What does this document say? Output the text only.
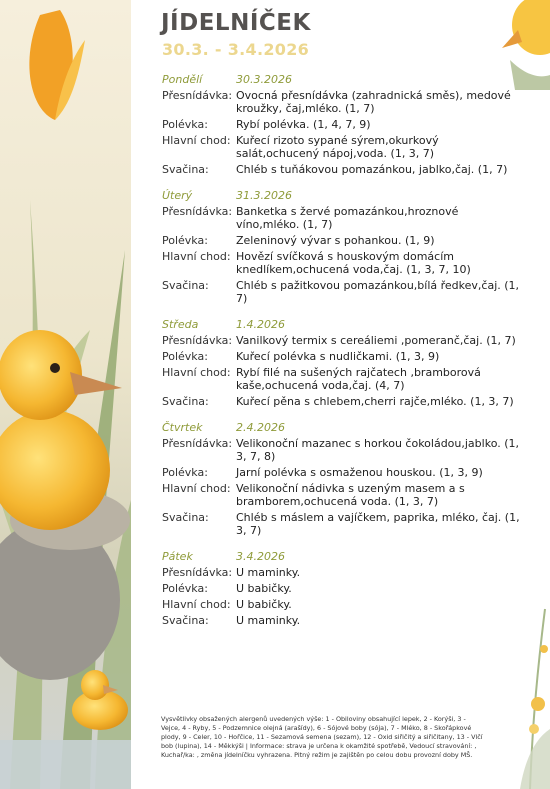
JÍDELNÍČEK
30.3. - 3.4.2026
Pondělí	30.3.2026
Přesnídávka: Ovocná přesnídávka (zahradnická směs), medové kroužky, čaj,mléko. (1, 7)
Polévka:	Rybí polévka. (1, 4, 7, 9)
Hlavní chod: Kuřecí rizoto sypané sýrem,okurkový salát,ochucený nápoj,voda. (1, 3, 7)
Svačina:	Chléb s tuňákovou pomazánkou, jablko,čaj. (1, 7)
Úterý	31.3.2026
Přesnídávka: Banketka s žervé pomazánkou,hroznové víno,mléko. (1, 7)
Polévka:	Zeleninový vývar s pohankou. (1, 9)
Hlavní chod: Hovězí svíčková s houskovým domácím knedlíkem,ochucená voda,čaj. (1, 3, 7, 10)
Svačina:	Chléb s pažitkovou pomazánkou,bílá ředkev,čaj. (1, 7)
Středa	1.4.2026
Přesnídávka: Vanilkový termix s cereáliemi ,pomeranč,čaj. (1, 7)
Polévka:	Kuřecí polévka s nudličkami. (1, 3, 9)
Hlavní chod: Rybí filé na sušených rajčatech ,bramborová kaše,ochucená voda,čaj. (4, 7)
Svačina:	Kuřecí pěna s chlebem,cherri rajče,mléko. (1, 3, 7)
Čtvrtek	2.4.2026
Přesnídávka: Velikonoční mazanec s horkou čokoládou,jablko. (1, 3, 7, 8)
Polévka:	Jarní polévka s osmaženou houskou. (1, 3, 9)
Hlavní chod: Velikonoční nádivka s uzeným masem a s bramborem,ochucená voda. (1, 3, 7)
Svačina:	Chléb s máslem a vajíčkem, paprika, mléko, čaj. (1, 3, 7)
Pátek	3.4.2026
Přesnídávka: U maminky.
Polévka:	U babičky.
Hlavní chod: U babičky.
Svačina:	U maminky.
Vysvětlivky obsažených alergenů uvedených výše: 1 - Obiloviny obsahující lepek, 2 - Korýši, 3 - Vejce, 4 - Ryby, 5 - Podzemnice olejná (arašídy), 6 - Sójové boby (sója), 7 - Mléko, 8 - Skořápkové plody, 9 - Celer, 10 - Hořčice, 11 - Sezamová semena (sezam), 12 - Oxid siřičitý a siřičitany, 13 - Vlčí bob (lupina), 14 - Měkkýši | Informace: strava je určena k okamžité spotřebě, Vedoucí stravování: , Kuchař/ka: , změna jídelníčku vyhrazena. Pitný režim je zajištěn po celou dobu provozní doby MŠ.
